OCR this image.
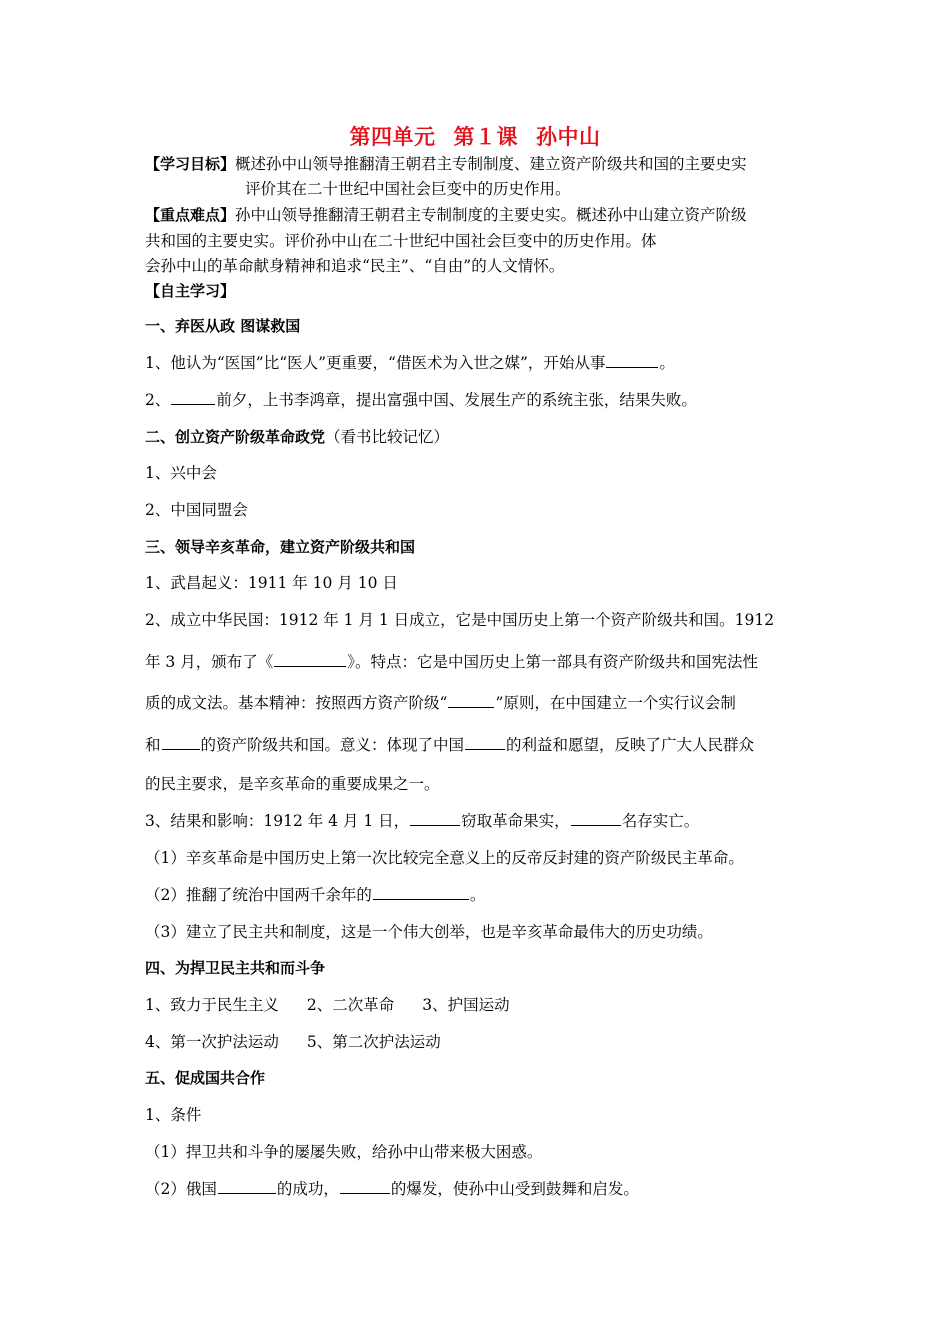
第四单元 第１课 孙中山
【学习目标】概述孙中山领导推翻清王朝君主专制制度、建立资产阶级共和国的主要史实
评价其在二十世纪中国社会巨变中的历史作用。
【重点难点】孙中山领导推翻清王朝君主专制制度的主要史实。概述孙中山建立资产阶级
共和国的主要史实。评价孙中山在二十世纪中国社会巨变中的历史作用。体
会孙中山的革命献身精神和追求“民主”、“自由”的人文情怀。
【自主学习】
一、弃医从政 图谋救国
1、他认为“医国”比“医人”更重要，“借医术为入世之媒”，开始从事	。
2、	前夕，上书李鸿章，提出富强中国、发展生产的系统主张，结果失败。
二、创立资产阶级革命政党（看书比较记忆）
1、兴中会
2、中国同盟会
三、领导辛亥革命，建立资产阶级共和国
1、武昌起义：1911 年 10 月 10 日
2、成立中华民国：1912 年 1 月 1 日成立，它是中国历史上第一个资产阶级共和国。1912
年 3 月，颁布了《	》。特点：它是中国历史上第一部具有资产阶级共和国宪法性
质的成文法。基本精神：按照西方资产阶级“	”原则，在中国建立一个实行议会制
和	的资产阶级共和国。意义：体现了中国	的利益和愿望，反映了广大人民群众
的民主要求，是辛亥革命的重要成果之一。
3、结果和影响：1912 年 4 月 1 日，	窃取革命果实，	名存实亡。
（1）辛亥革命是中国历史上第一次比较完全意义上的反帝反封建的资产阶级民主革命。
（2）推翻了统治中国两千余年的	。
（3）建立了民主共和制度，这是一个伟大创举，也是辛亥革命最伟大的历史功绩。
四、为捍卫民主共和而斗争
1、致力于民生主义 2、二次革命 3、护国运动
4、第一次护法运动 5、第二次护法运动
五、促成国共合作
1、条件
（1）捍卫共和斗争的屡屡失败，给孙中山带来极大困惑。
（2）俄国	的成功，	的爆发，使孙中山受到鼓舞和启发。
